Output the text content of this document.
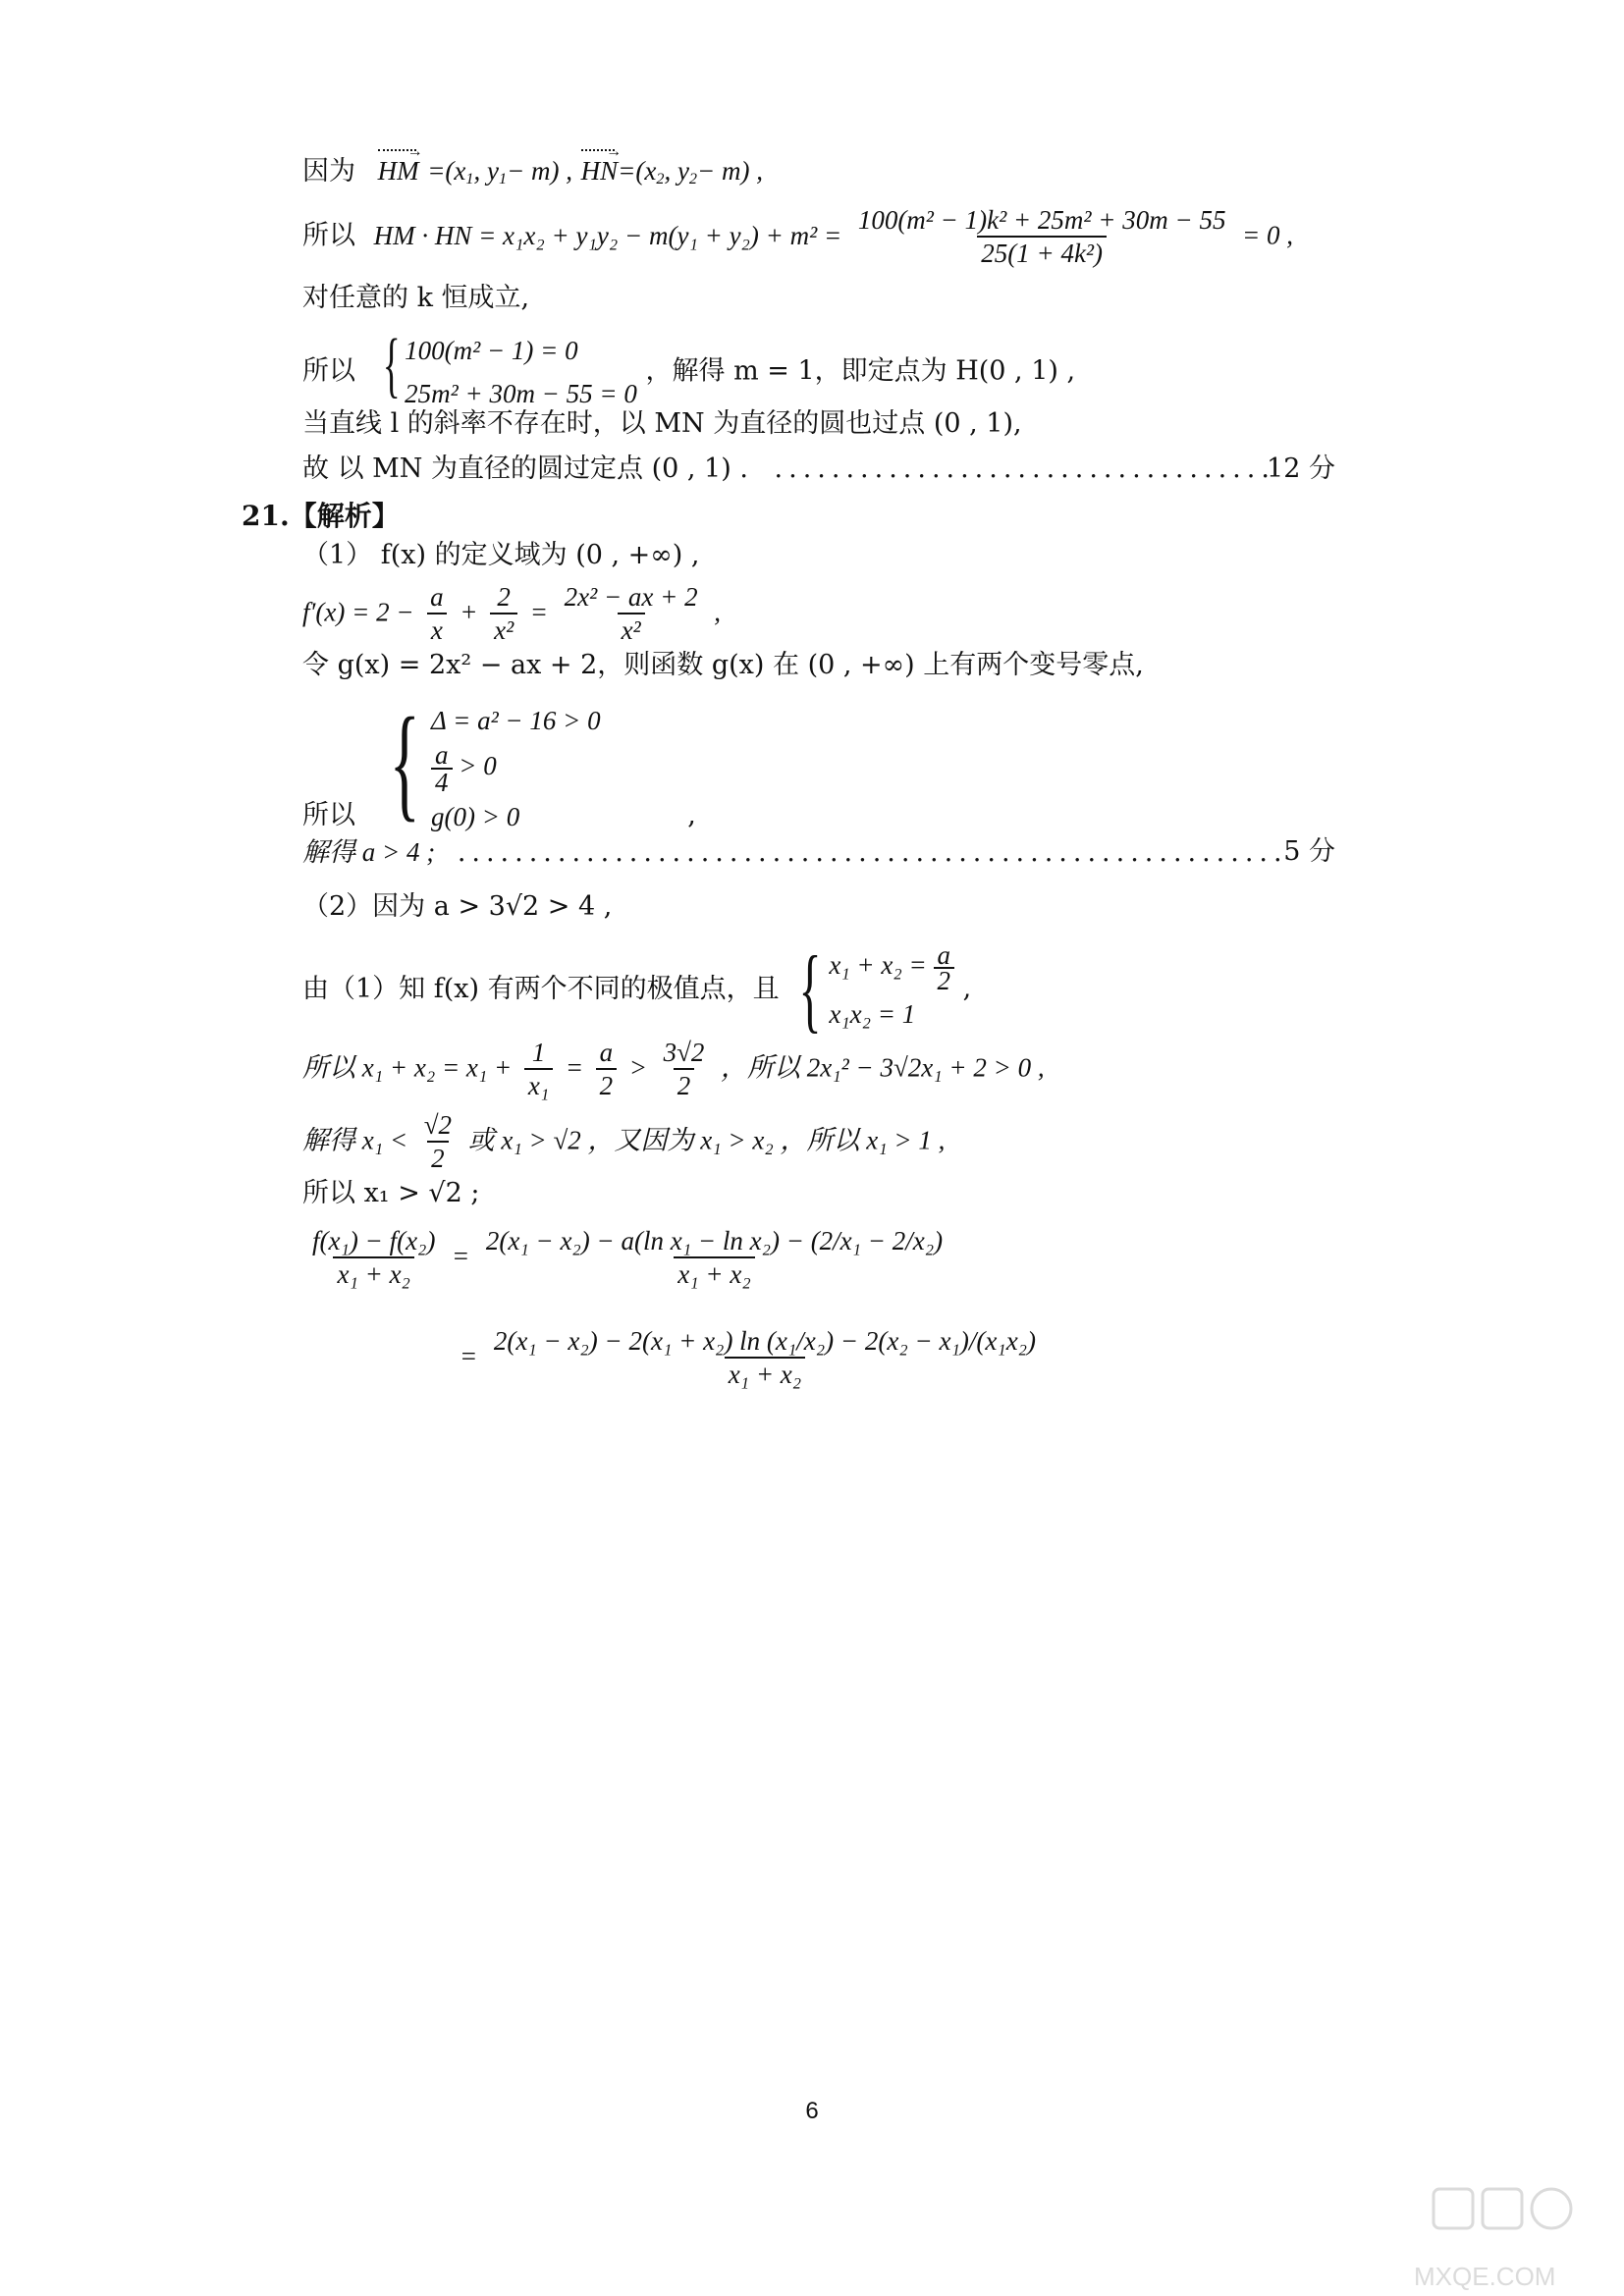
因为 HM → $=(x_1$, $y_1- m$) , HN $\to=(x_2$, $y_2- m$) ,
所以 HM · HN = $x_1x_2 + y_1y_2 - m(y_1 + y_2) + m^2 = \frac{\text{100(m² − 1)k² + 25m² + 30m − 55}}{\text{25(1 + 4k²)}} = 0$ ,
对任意的 k 恒成立,
所以 { 100(m² − 1) = 0
25m² + 30m − 55 = 0
，解得 m = 1，即定点为 H(0 , 1) ,
当直线 l 的斜率不存在时，以 MN 为直径的圆也过点 (0 , 1),
故 以 MN 为直径的圆过定点 (0 , 1) . ...................................
12 分
21.【解析】
（1） f(x) 的定义域为 (0 , +∞) ,
$f'(x) = 2 - \frac{a}{x} + \frac{2}{\text{x²}} = \frac{\text{2x² − ax + 2}}{\text{x²}}$ ,
令 g(x) = 2x² − ax + 2，则函数 g(x) 在 (0 , +∞) 上有两个变号零点,
所以 { Δ = a² − 16 > 0
$\frac{a}{4} > 0$
g(0) > 0	,
解得 a > 4 ; ..........................................................
5 分
（2）因为 a > 3√2 > 4 ,
由（1）知 f(x) 有两个不同的极值点，且 { $x_1 + x_2 = \frac{a}{2}$
x₁x₂ = 1
,
所以 $x_1 + x_2 = x_1 + \frac{1}{\text{x₁}} = \frac{a}{2} > \frac{3√2}{2}$ ，所以 2x₁² − 3√2x₁ + 2 > 0 ,
解得 $x_1 < \frac{√2}{2}$ 或 x₁ > √2 ，又因为 x₁ > x₂ ，所以 x₁ > 1 ,
所以 x₁ > √2 ;
$\frac{\text{f(x₁) − f(x₂)}}{\text{x₁ + x₂}} = \frac{\text{2(x₁ − x₂) − a(ln x₁ − ln x₂) − (2/x₁ − 2/x₂)}}{\text{x₁ + x₂}}$
= $\frac{\text{2(x₁ − x₂) − 2(x₁ + x₂) ln (x₁/x₂) − 2(x₂ − x₁)/(x₁x₂)}}{\text{x₁ + x₂}}$
6
MXQE.COM
